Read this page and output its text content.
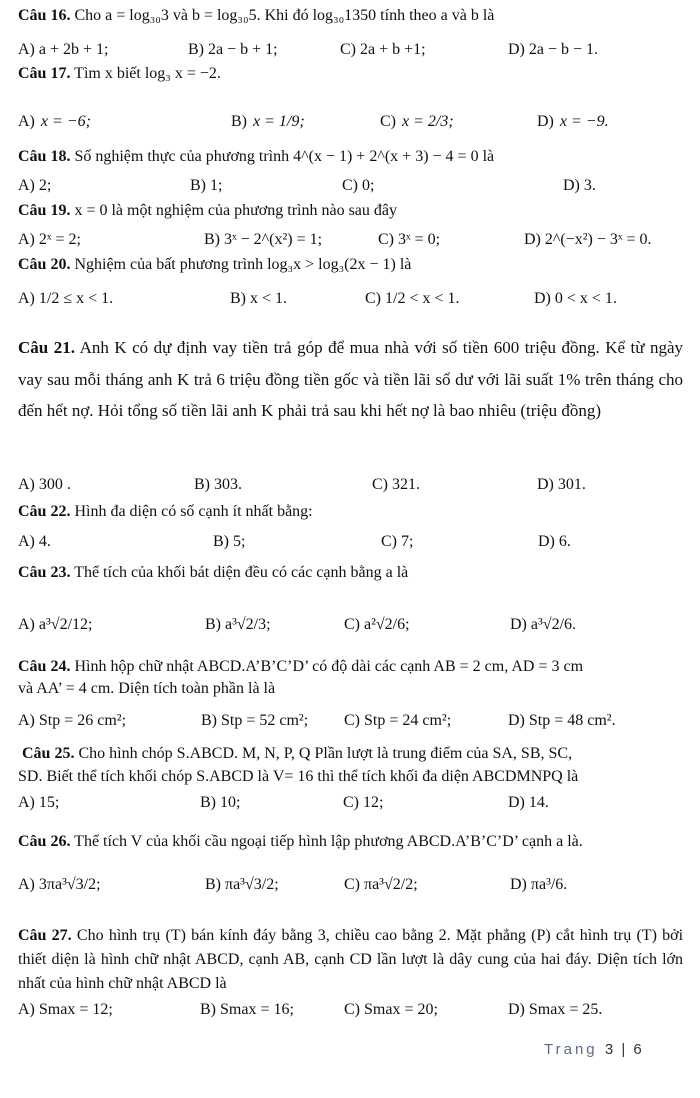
Câu 16. Cho a = log₃₀3 và b = log₃₀5. Khi đó log₃₀1350 tính theo a và b là
A) a + 2b + 1;	B) 2a − b + 1;	C) 2a + b +1;	D) 2a − b − 1.
Câu 17. Tìm x biết log₃ x = −2.
A) x = −6;	B) x = 1/9;	C) x = 2/3;	D) x = −9.
Câu 18. Số nghiệm thực của phương trình 4^(x − 1) + 2^(x + 3) − 4 = 0 là
A) 2;	B) 1;	C) 0;	D) 3.
Câu 19. x = 0 là một nghiệm của phương trình nào sau đây
A) 2ˣ = 2;	B) 3ˣ − 2^(x²) = 1;	C) 3ˣ = 0;	D) 2^(−x²) − 3ˣ = 0.
Câu 20. Nghiệm của bất phương trình log₃x > log₃(2x − 1) là
A) 1/2 ≤ x < 1.	B) x < 1.	C) 1/2 < x < 1.	D) 0 < x < 1.
Câu 21. Anh K có dự định vay tiền trả góp để mua nhà với số tiền 600 triệu đồng. Kể từ ngày vay sau mỗi tháng anh K trả 6 triệu đồng tiền gốc và tiền lãi số dư với lãi suất 1% trên tháng cho đến hết nợ. Hỏi tổng số tiền lãi anh K phải trả sau khi hết nợ là bao nhiêu (triệu đồng)
A) 300 .	B) 303.	C) 321.	D) 301.
Câu 22. Hình đa diện có số cạnh ít nhất bằng:
A) 4.	B) 5;	C) 7;	D) 6.
Câu 23. Thể tích của khối bát diện đều có các cạnh bằng a là
A) a³√2/12;	B) a³√2/3;	C) a²√2/6;	D) a³√2/6.
Câu 24. Hình hộp chữ nhật ABCD.A’B’C’D’ có độ dài các cạnh AB = 2 cm, AD = 3 cm
và AA’ = 4 cm. Diện tích toàn phần là là
A) Stp = 26 cm²;	B) Stp = 52 cm²; C) Stp = 24 cm²;	D) Stp = 48 cm².
Câu 25. Cho hình chóp S.ABCD. M, N, P, Q Plần lượt là trung điểm của SA, SB, SC,
SD. Biết thể tích khối chóp S.ABCD là V= 16 thì thể tích khối đa diện ABCDMNPQ là
A) 15;	B) 10;	C) 12;	D) 14.
Câu 26. Thể tích V của khối cầu ngoại tiếp hình lập phương ABCD.A’B’C’D’ cạnh a là.
A) 3πa³√3/2;	B) πa³√3/2;	C) πa³√2/2;	D) πa³/6.
Câu 27. Cho hình trụ (T) bán kính đáy bằng 3, chiều cao bằng 2. Mặt phẳng (P) cắt hình trụ (T) bởi thiết diện là hình chữ nhật ABCD, cạnh AB, cạnh CD lần lượt là dây cung của hai đáy. Diện tích lớn nhất của hình chữ nhật ABCD là
A) Smax = 12;	B) Smax = 16;	C) Smax = 20;	D) Smax = 25.
Trang 3 | 6
